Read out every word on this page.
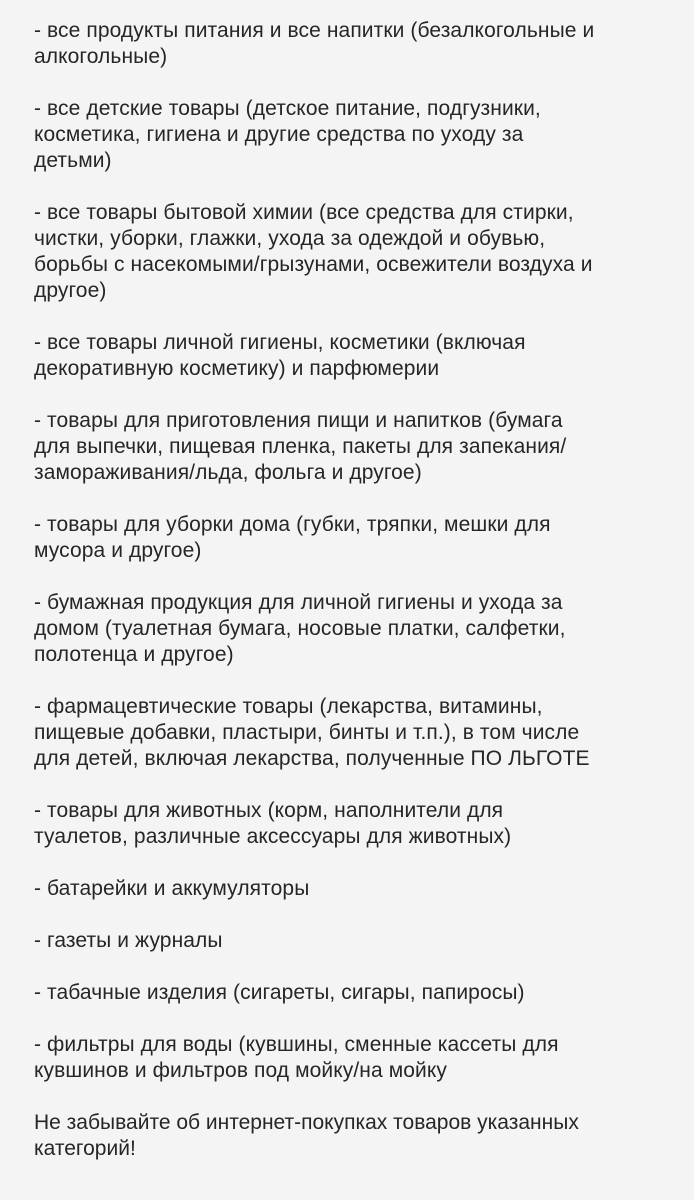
- все продукты питания и все напитки (безалкогольные и
алкогольные)
- все детские товары (детское питание, подгузники,
косметика, гигиена и другие средства по уходу за
детьми)
- все товары бытовой химии (все средства для стирки,
чистки, уборки, глажки, ухода за одеждой и обувью,
борьбы с насекомыми/грызунами, освежители воздуха и
другое)
- все товары личной гигиены, косметики (включая
декоративную косметику) и парфюмерии
- товары для приготовления пищи и напитков (бумага
для выпечки, пищевая пленка, пакеты для запекания/
замораживания/льда, фольга и другое)
- товары для уборки дома (губки, тряпки, мешки для
мусора и другое)
- бумажная продукция для личной гигиены и ухода за
домом (туалетная бумага, носовые платки, салфетки,
полотенца и другое)
- фармацевтические товары (лекарства, витамины,
пищевые добавки, пластыри, бинты и т.п.), в том числе
для детей, включая лекарства, полученные ПО ЛЬГОТЕ
- товары для животных (корм, наполнители для
туалетов, различные аксессуары для животных)
- батарейки и аккумуляторы
- газеты и журналы
- табачные изделия (сигареты, сигары, папиросы)
- фильтры для воды (кувшины, сменные кассеты для
кувшинов и фильтров под мойку/на мойку
Не забывайте об интернет-покупках товаров указанных
категорий!
